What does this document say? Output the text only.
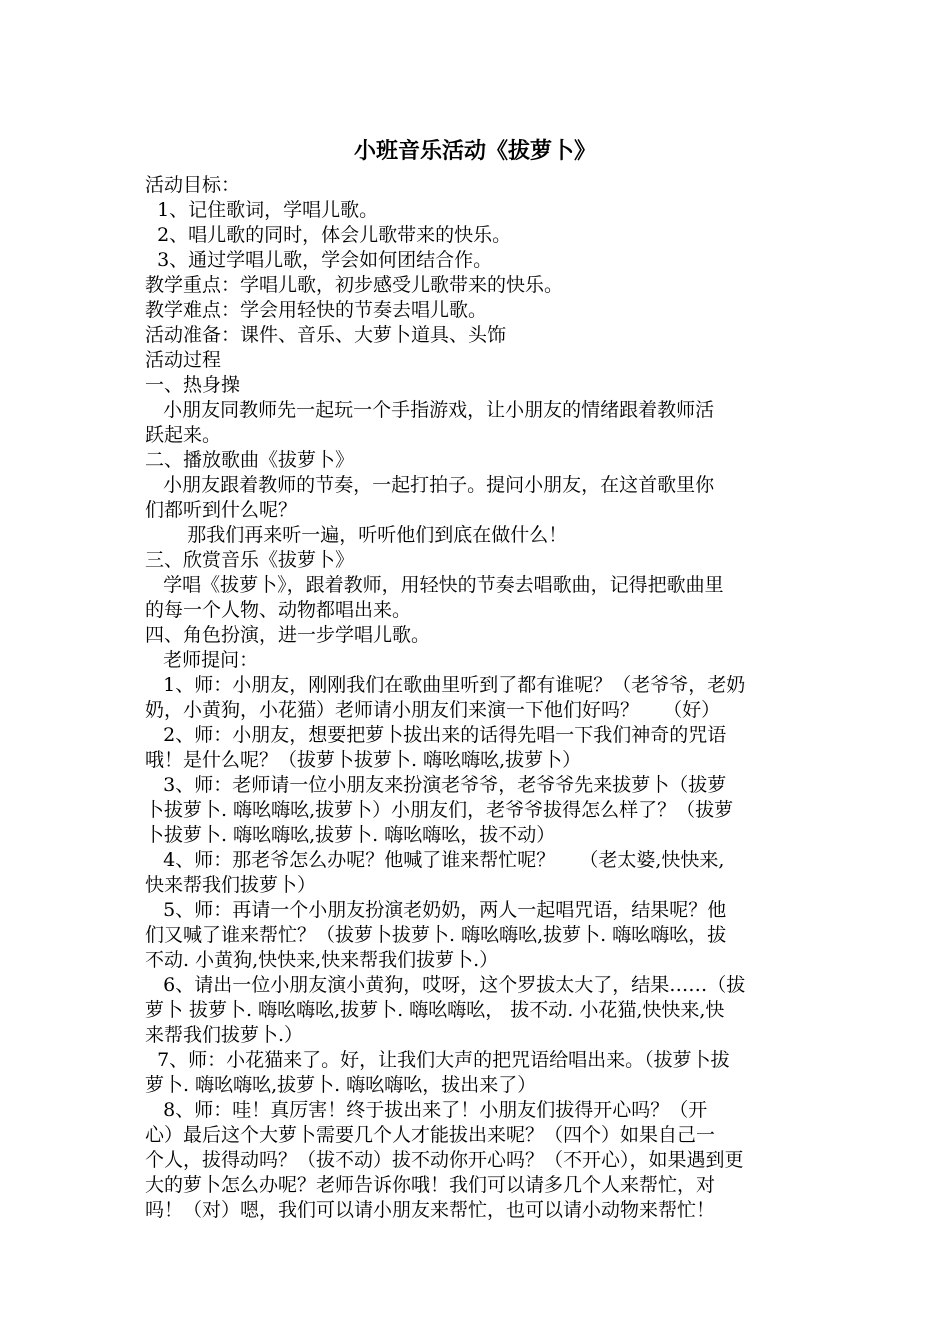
小班音乐活动《拔萝卜》
活动目标：
1、记住歌词，学唱儿歌。
2、唱儿歌的同时，体会儿歌带来的快乐。
3、通过学唱儿歌，学会如何团结合作。
教学重点：学唱儿歌，初步感受儿歌带来的快乐。
教学难点：学会用轻快的节奏去唱儿歌。
活动准备：课件、音乐、大萝卜道具、头饰
活动过程
一、热身操
小朋友同教师先一起玩一个手指游戏，让小朋友的情绪跟着教师活
跃起来。
二、播放歌曲《拔萝卜》
小朋友跟着教师的节奏，一起打拍子。提问小朋友，在这首歌里你
们都听到什么呢？
那我们再来听一遍，听听他们到底在做什么！
三、欣赏音乐《拔萝卜》
学唱《拔萝卜》，跟着教师，用轻快的节奏去唱歌曲，记得把歌曲里
的每一个人物、动物都唱出来。
四、角色扮演，进一步学唱儿歌。
老师提问：
1、师：小朋友，刚刚我们在歌曲里听到了都有谁呢？（老爷爷，老奶
奶，小黄狗，小花猫）老师请小朋友们来演一下他们好吗？    （好）
2、师：小朋友，想要把萝卜拔出来的话得先唱一下我们神奇的咒语
哦！是什么呢？（拔萝卜拔萝卜. 嗨吆嗨吆,拔萝卜）
3、师：老师请一位小朋友来扮演老爷爷，老爷爷先来拔萝卜（拔萝
卜拔萝卜. 嗨吆嗨吆,拔萝卜）小朋友们，老爷爷拔得怎么样了？（拔萝
卜拔萝卜. 嗨吆嗨吆,拔萝卜. 嗨吆嗨吆，拔不动）
4、师：那老爷怎么办呢？他喊了谁来帮忙呢？    （老太婆,快快来,
快来帮我们拔萝卜）
5、师：再请一个小朋友扮演老奶奶，两人一起唱咒语，结果呢？他
们又喊了谁来帮忙？（拔萝卜拔萝卜. 嗨吆嗨吆,拔萝卜. 嗨吆嗨吆，拔
不动. 小黄狗,快快来,快来帮我们拔萝卜.）
6、请出一位小朋友演小黄狗，哎呀，这个罗拔太大了，结果……（拔
萝卜 拔萝卜. 嗨吆嗨吆,拔萝卜. 嗨吆嗨吆， 拔不动. 小花猫,快快来,快
来帮我们拔萝卜.）
7、师：小花猫来了。好，让我们大声的把咒语给唱出来。（拔萝卜拔
萝卜. 嗨吆嗨吆,拔萝卜. 嗨吆嗨吆，拔出来了）
8、师：哇！真厉害！终于拔出来了！小朋友们拔得开心吗？（开
心）最后这个大萝卜需要几个人才能拔出来呢？（四个）如果自己一
个人，拔得动吗？（拔不动）拔不动你开心吗？（不开心），如果遇到更
大的萝卜怎么办呢？老师告诉你哦！我们可以请多几个人来帮忙，对
吗！（对）嗯，我们可以请小朋友来帮忙，也可以请小动物来帮忙！
